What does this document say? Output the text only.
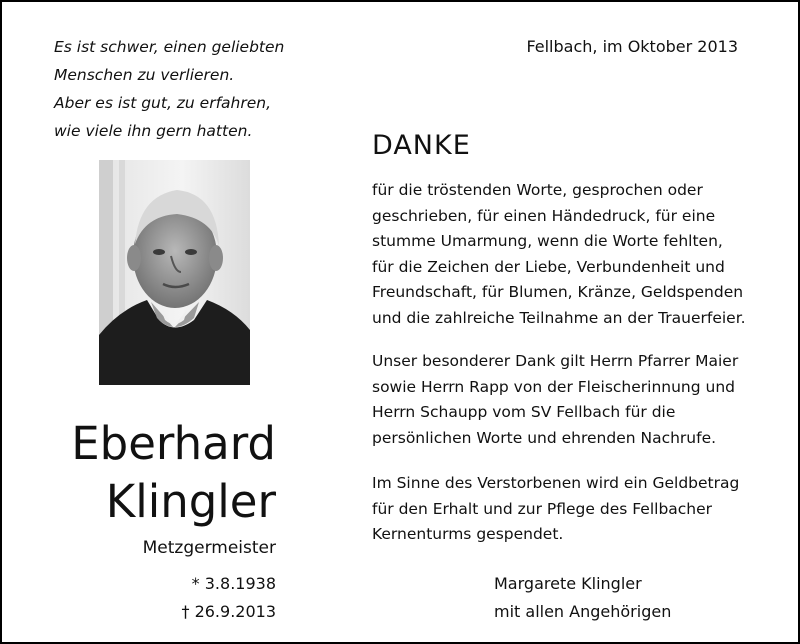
Es ist schwer, einen geliebten
Menschen zu verlieren.
Aber es ist gut, zu erfahren,
wie viele ihn gern hatten.
Fellbach, im Oktober 2013
DANKE
für die tröstenden Worte, gesprochen oder
geschrieben, für einen Händedruck, für eine
stumme Umarmung, wenn die Worte fehlten,
für die Zeichen der Liebe, Verbundenheit und
Freundschaft, für Blumen, Kränze, Geldspenden
und die zahlreiche Teilnahme an der Trauerfeier.
Unser besonderer Dank gilt Herrn Pfarrer Maier
sowie Herrn Rapp von der Fleischerinnung und
Herrn Schaupp vom SV Fellbach für die
persönlichen Worte und ehrenden Nachrufe.
Im Sinne des Verstorbenen wird ein Geldbetrag
für den Erhalt und zur Pflege des Fellbacher
Kernenturms gespendet.
Eberhard
Klingler
Metzgermeister
* 3.8.1938
† 26.9.2013
Margarete Klingler
mit allen Angehörigen
